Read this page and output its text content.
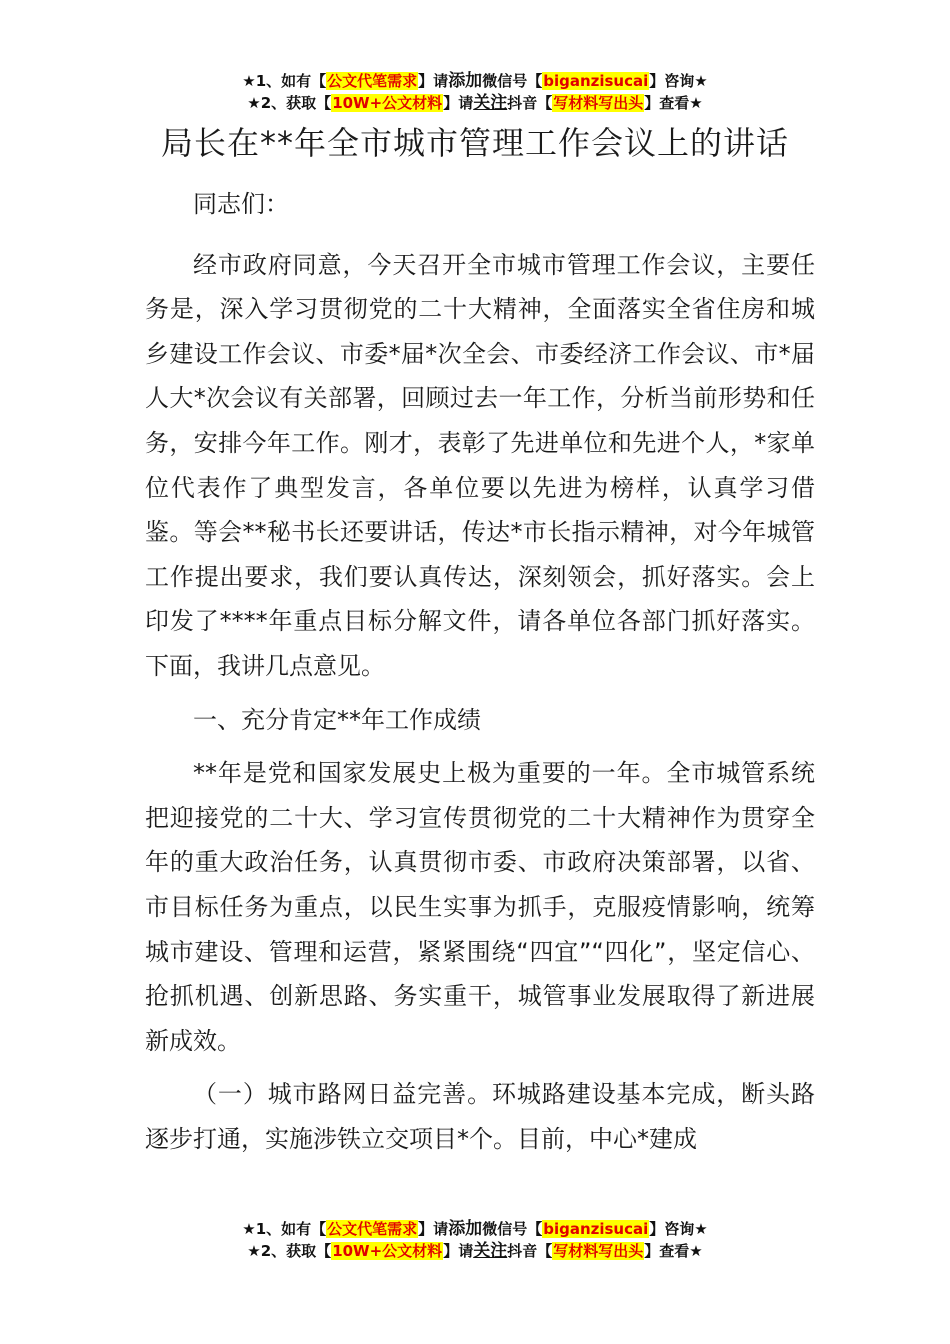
★1、如有【公文代笔需求】请添加微信号【biganzisucai】咨询★
★2、获取【10W+公文材料】请关注抖音【写材料写出头】查看★
局长在**年全市城市管理工作会议上的讲话

同志们：

经市政府同意，今天召开全市城市管理工作会议，主要任务是，深入学习贯彻党的二十大精神，全面落实全省住房和城乡建设工作会议、市委*届*次全会、市委经济工作会议、市*届人大*次会议有关部署，回顾过去一年工作，分析当前形势和任务，安排今年工作。刚才，表彰了先进单位和先进个人，*家单位代表作了典型发言，各单位要以先进为榜样，认真学习借鉴。等会**秘书长还要讲话，传达*市长指示精神，对今年城管工作提出要求，我们要认真传达，深刻领会，抓好落实。会上印发了****年重点目标分解文件，请各单位各部门抓好落实。下面，我讲几点意见。

一、充分肯定**年工作成绩

**年是党和国家发展史上极为重要的一年。全市城管系统把迎接党的二十大、学习宣传贯彻党的二十大精神作为贯穿全年的重大政治任务，认真贯彻市委、市政府决策部署，以省、市目标任务为重点，以民生实事为抓手，克服疫情影响，统筹城市建设、管理和运营，紧紧围绕“四宜”“四化”，坚定信心、抢抓机遇、创新思路、务实重干，城管事业发展取得了新进展新成效。

（一）城市路网日益完善。环城路建设基本完成，断头路逐步打通，实施涉铁立交项目*个。目前，中心*建成

★1、如有【公文代笔需求】请添加微信号【biganzisucai】咨询★
★2、获取【10W+公文材料】请关注抖音【写材料写出头】查看★
